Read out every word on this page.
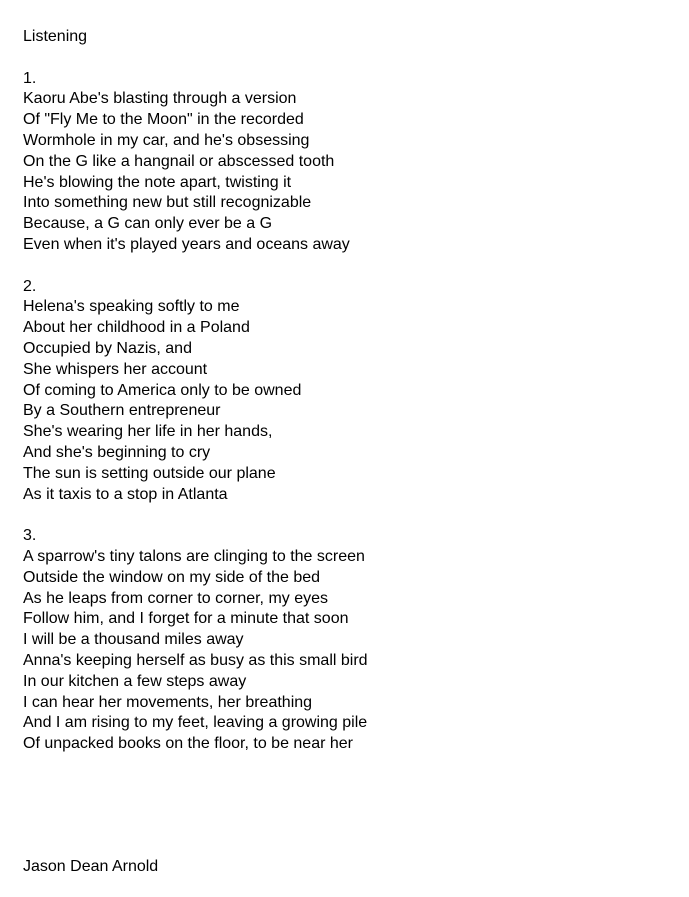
Listening
1.
Kaoru Abe's blasting through a version
Of "Fly Me to the Moon" in the recorded
Wormhole in my car, and he's obsessing
On the G like a hangnail or abscessed tooth
He's blowing the note apart, twisting it
Into something new but still recognizable
Because, a G can only ever be a G
Even when it's played years and oceans away
2.
Helena's speaking softly to me
About her childhood in a Poland
Occupied by Nazis, and
She whispers her account
Of coming to America only to be owned
By a Southern entrepreneur
She's wearing her life in her hands,
And she's beginning to cry
The sun is setting outside our plane
As it taxis to a stop in Atlanta
3.
A sparrow's tiny talons are clinging to the screen
Outside the window on my side of the bed
As he leaps from corner to corner, my eyes
Follow him, and I forget for a minute that soon
I will be a thousand miles away
Anna's keeping herself as busy as this small bird
In our kitchen a few steps away
I can hear her movements, her breathing
And I am rising to my feet, leaving a growing pile
Of unpacked books on the floor, to be near her
Jason Dean Arnold
